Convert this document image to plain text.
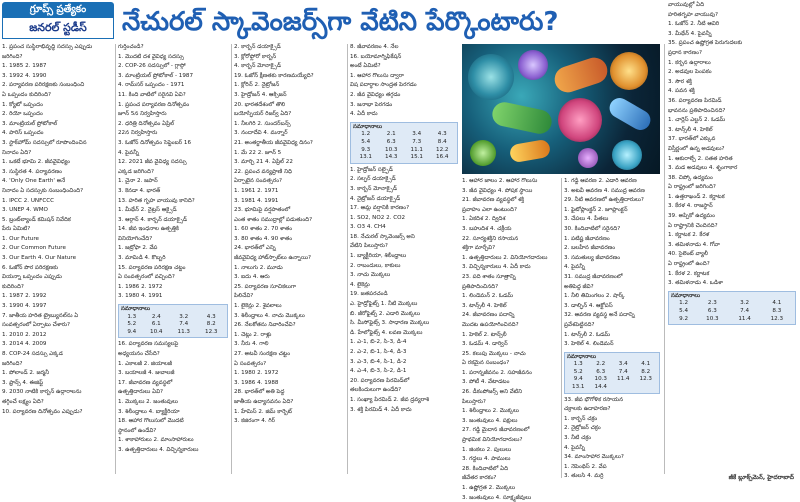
గ్రూప్స్ ప్రత్యేకం
జనరల్ స్టడీస్	నేచురల్ స్కావెంజర్స్‌గా వేటిని పేర్కొంటారు?
1. ప్రపంచ సుస్థిరాభివృద్ధి సదస్సు ఎప్పుడు
జరిగింది?
1. 1985 2. 1987
3. 1992 4. 1990
2. పర్యావరణ పరిరక్షణకు సంబంధించి
ఏ ఒప్పందం కుదిరింది?
1. క్యోటో ఒప్పందం
2. రియో ఒప్పందం
3. మాంట్రియల్ ప్రోటోకాల్
4. పారిస్ ఒప్పందం
3. స్టాక్‌హోమ్ సదస్సులో రూపొందించిన
నినాదం ఏది?
1. ఒకటే భూమి 2. జీవవైవిధ్యం
3. సుస్థిరత 4. పర్యావరణం
4. 'Only One Earth' అనే
నినాదం ఏ సదస్సుకు సంబంధించింది?
1. IPCC 2. UNFCCC
3. UNEP 4. WMO
5. బ్రంట్‌ల్యాండ్ కమిషన్ నివేదిక
పేరు ఏమిటి?
1. Our Future
2. Our Common Future
3. Our Earth 4. Our Nature
6. ఓజోన్ పొర పరిరక్షణకు
వియన్నా ఒప్పందం ఎప్పుడు
కుదిరింది?
1. 1987 2. 1992
3. 1990 4. 1997
7. జాతీయ హరిత ట్రైబ్యునల్‌ను ఏ
సంవత్సరంలో ఏర్పాటు చేశారు?
1. 2010 2. 2012
3. 2014 4. 2009
8. COP-24 సదస్సు ఎక్కడ
జరిగింది?
1. పోలాండ్ 2. జర్మనీ
3. ఫ్రాన్స్ 4. ఈజిప్ట్
9. 2030 నాటికి కార్బన్ ఉద్గారాలను
తగ్గించే లక్ష్యం ఏది?
10. పర్యావరణ దినోత్సవం ఎప్పుడు?
గుర్తించండి?
1. మొదటి దశ వైవిధ్య సదస్సు
2. COP-26 సదస్సులో - గ్లాస్గో
3. మాంట్రియల్ ప్రోటోకాల్ - 1987
4. రామ్‌సర్ ఒప్పందం - 1971
11. కింది వాటిలో సరైనవి ఏవి?
1. ప్రపంచ పర్యావరణ దినోత్సవం
జూన్ 5న నిర్వహిస్తారు
2. ధరిత్రి దినోత్సవం ఏప్రిల్
22న నిర్వహిస్తారు
3. ఓజోన్ దినోత్సవం సెప్టెంబర్ 16
4. పైవన్నీ
12. 2021 జీవ వైవిధ్య సదస్సు
ఎక్కడ జరిగింది?
1. చైనా 2. జపాన్
3. కెనడా 4. భారత్
13. హరిత గృహ వాయువు కానిది?
1. మీథేన్ 2. నైట్రస్ ఆక్సైడ్
3. ఆర్గాన్ 4. కార్బన్ డయాక్సైడ్
14. జీవ ఇంధనాల ఉత్పత్తికి
వినియోగించేది?
1. జట్రోఫా 2. వేప
3. మామిడి 4. కొబ్బరి
15. పర్యావరణ పరిరక్షణ చట్టం
ఏ సంవత్సరంలో వచ్చింది?
1. 1986 2. 1972
3. 1980 4. 1991
సమాధానాలు
1.3	2.4	3.2	4.3
5.2	6.1	7.4	8.2
9.4	10.4	11.3	12.3
16. పర్యావరణ సమస్యలపై
అధ్యయనం చేసేది?
1. ఎకాలజీ 2. జియాలజీ
3. బయాలజీ 4. జువాలజీ
17. జీవావరణ వ్యవస్థలో
ఉత్పత్తిదారులు ఏవి?
1. మొక్కలు 2. జంతువులు
3. శిలీంధ్రాలు 4. బ్యాక్టీరియా
18. ఆహార గొలుసులో మొదటి
స్థానంలో ఉండేవి?
1. శాకాహారులు 2. మాంసాహారులు
3. ఉత్పత్తిదారులు 4. విచ్ఛిన్నకారులు
2. కార్బన్ డయాక్సైడ్
3. క్లోరోఫ్లోరో కార్బన్
4. కార్బన్ మోనాక్సైడ్
19. ఓజోన్ క్షీణతకు కారణమయ్యేది?
1. క్లోరిన్ 2. నైట్రోజన్
3. హైడ్రోజన్ 4. ఆక్సిజన్
20. భారతదేశంలో తొలి
బయోస్ఫియర్ రిజర్వ్ ఏది?
1. నీలగిరి 2. సుందర్‌బన్స్
3. నందాదేవి 4. మన్నార్
21. అంతర్జాతీయ జీవవైవిధ్య దినం?
1. మే 22 2. జూన్ 5
3. మార్చి 21 4. ఏప్రిల్ 22
22. ప్రపంచ వన్యప్రాణి నిధి
ఏర్పాటైన సంవత్సరం?
1. 1961 2. 1971
3. 1981 4. 1991
23. భూమిపై వర్షపాతంలో
ఎంత శాతం సముద్రాల్లో పడుతుంది?
1. 60 శాతం 2. 70 శాతం
3. 80 శాతం 4. 90 శాతం
24. భారత్‌లో ఎన్ని
జీవవైవిధ్య హాట్‌స్పాట్‌లు ఉన్నాయి?
1. నాలుగు 2. మూడు
3. ఐదు 4. ఆరు
25. పర్యావరణ సూచికలుగా
పిలిచేవి?
1. లైకెన్లు 2. శైవలాలు
3. శిలీంధ్రాలు 4. నాచు మొక్కలు
26. నేలకోతను నివారించేవి?
1. చెట్లు 2. రాళ్లు
3. నీరు 4. గాలి
27. అటవీ సంరక్షణ చట్టం
ఏ సంవత్సరం?
1. 1980 2. 1972
3. 1986 4. 1988
28. భారత్‌లో అతి పెద్ద
జాతీయ ఉద్యానవనం ఏది?
1. హేమిస్ 2. జిమ్ కార్బెట్
3. కజిరంగా 4. గిర్
8. జీవావరణం 4. నేల
16. బయోమాగ్నిఫికేషన్
అంటే ఏమిటి?
1. ఆహార గొలుసు ద్వారా
విష పదార్థాల సాంద్రత పెరగడం
2. జీవ వైవిధ్యం తగ్గడం
3. జనాభా పెరగడం
4. ఏదీ కాదు
సమాధానాలు
1.2	2.1	3.4	4.3
5.4	6.3	7.3	8.4
9.3	10.3	11.1	12.2
13.1	14.3	15.1	16.4
1. హైడ్రోజన్ సల్ఫైడ్
2. సల్ఫర్ డయాక్సైడ్
3. కార్బన్ మోనాక్సైడ్
4. నైట్రోజన్ డయాక్సైడ్
17. ఆమ్ల వర్షానికి కారణం?
1. SO2, NO2 2. CO2
3. O3 4. CH4
18. నేచురల్ స్కావెంజర్స్ అని
వేటిని పిలుస్తారు?
1. బ్యాక్టీరియా, శిలీంధ్రాలు
2. రాబందులు, కాకులు
3. నాచు మొక్కలు
4. లైకెన్లు
19. జతపరచండి
ఎ. హైడ్రోఫైట్స్ 1. నీటి మొక్కలు
బి. జీరోఫైట్స్ 2. ఎడారి మొక్కలు
సి. మీసోఫైట్స్ 3. సాధారణ మొక్కలు
డి. హేలోఫైట్స్ 4. లవణ మొక్కలు
1. ఎ-1, బి-2, సి-3, డి-4
2. ఎ-2, బి-1, సి-4, డి-3
3. ఎ-3, బి-4, సి-1, డి-2
4. ఎ-4, బి-3, సి-2, డి-1
20. పర్యావరణ పిరమిడ్‌లో
తలకిందులుగా ఉండేది?
1. సంఖ్యా పిరమిడ్ 2. జీవ ద్రవ్యరాశి
3. శక్తి పిరమిడ్ 4. ఏదీ కాదు
1. ఆహార జాలం 2. ఆహార గొలుసు
3. జీవ వైవిధ్యం 4. పోషక స్థాయి
21. జీవావరణ వ్యవస్థలో శక్తి
ప్రవాహం ఎలా ఉంటుంది?
1. ఏకదిశ 2. ద్విదిశ
3. బహుదిశ 4. చక్రీయ
22. సూర్యశక్తిని రసాయన
శక్తిగా మార్చేవి?
1. ఉత్పత్తిదారులు 2. వినియోగదారులు
3. విచ్ఛిన్నకారులు 4. ఏదీ కాదు
23. పది శాతం సూత్రాన్ని
ప్రతిపాదించినది?
1. లిండెమన్ 2. ఓడమ్
3. టాన్స్‌లీ 4. హెకెల్
24. జీవావరణం పదాన్ని
మొదట ఉపయోగించినది?
1. హెకెల్ 2. టాన్స్‌లీ
3. ఓడమ్ 4. డార్విన్
25. కలుపు మొక్కలు - నాచు
ఏ రకమైన సంబంధం?
1. పరాన్నజీవనం 2. సహజీవనం
3. పోటీ 4. వేటాడటం
26. డీకంపోజర్స్ అని వేటిని
పిలుస్తారు?
1. శిలీంధ్రాలు 2. మొక్కలు
3. జంతువులు 4. పక్షులు
27. గడ్డి మైదాన జీవావరణంలో
ప్రాథమిక వినియోగదారులు?
1. జింకలు 2. పులులు
3. గద్దలు 4. పాములు
28. కిందివాటిలో ఏది
జీవేతర కారకం?
1. ఉష్ణోగ్రత 2. మొక్కలు
3. జంతువులు 4. సూక్ష్మజీవులు
1. గడ్డి ఆవరణ 2. ఎడారి ఆవరణ
3. అటవీ ఆవరణ 4. సముద్ర ఆవరణ
29. నీటి ఆవరణలో ఉత్పత్తిదారులు?
1. ఫైటోప్లాంక్టన్ 2. జూప్లాంక్టన్
3. చేపలు 4. పీతలు
30. కిందివాటిలో సరైనది?
1. పటిష్ట జీవావరణం
2. బలహీన జీవావరణం
3. సమతుల్య జీవావరణం
4. పైవన్నీ
31. సముద్ర జీవావరణంలో
అతిపెద్ద జీవి?
1. నీలి తిమింగలం 2. షార్క్
3. డాల్ఫిన్ 4. ఆక్టోపస్
32. ఆవరణ వ్యవస్థ అనే పదాన్ని
ప్రవేశపెట్టినది?
1. టాన్స్‌లీ 2. ఓడమ్
3. హెకెల్ 4. లిండెమన్
సమాధానాలు
1.3	2.2	3.4	4.1
5.2	6.3	7.4	8.2
9.4	10.3	11.4	12.3
13.1	14.4		
33. జీవ భౌగోళిక రసాయన
చక్రాలకు ఉదాహరణ?
1. కార్బన్ చక్రం
2. నైట్రోజన్ చక్రం
3. నీటి చక్రం
4. పైవన్నీ
34. మాంసాహార మొక్కలు?
1. నెపెంథిస్ 2. వేప
3. తులసి 4. మర్రి
వాయువుల్లో ఏది
హరితగృహ వాయువు?
1. ఓజోన్ 2. నీటి ఆవిరి
3. మీథేన్ 4. పైవన్నీ
35. ప్రపంచ ఉష్ణోగ్రత పెరుగుదలకు
ప్రధాన కారణం?
1. కర్బన ఉద్గారాలు
2. అడవుల పెంపకం
3. సౌర శక్తి
4. పవన శక్తి
36. పర్యావరణ పిరమిడ్
భావనను ప్రతిపాదించినది?
1. చార్లెస్ ఎల్టన్ 2. ఓడమ్
3. టాన్స్‌లీ 4. హెకెల్
37. భారత్‌లో ఎక్కువ
విస్తీర్ణంలో ఉన్న అడవులు?
1. ఆకురాల్చే 2. సతత హరిత
3. మడ అడవులు 4. శృంగాకార
38. చిప్కో ఉద్యమం
ఏ రాష్ట్రంలో జరిగింది?
1. ఉత్తరాఖండ్ 2. కర్ణాటక
3. కేరళ 4. రాజస్థాన్
39. అప్పికో ఉద్యమం
ఏ రాష్ట్రానికి చెందినది?
1. కర్ణాటక 2. కేరళ
3. తమిళనాడు 4. గోవా
40. సైలెంట్ వ్యాలీ
ఏ రాష్ట్రంలో ఉంది?
1. కేరళ 2. కర్ణాటక
3. తమిళనాడు 4. ఒడిశా
సమాధానాలు
1.2	2.3	3.2	4.1
5.4	6.3	7.4	8.3
9.2	10.3	11.4	12.3
జీకే బ్లూక్స్‌మెన్, హైదరాబాద్
